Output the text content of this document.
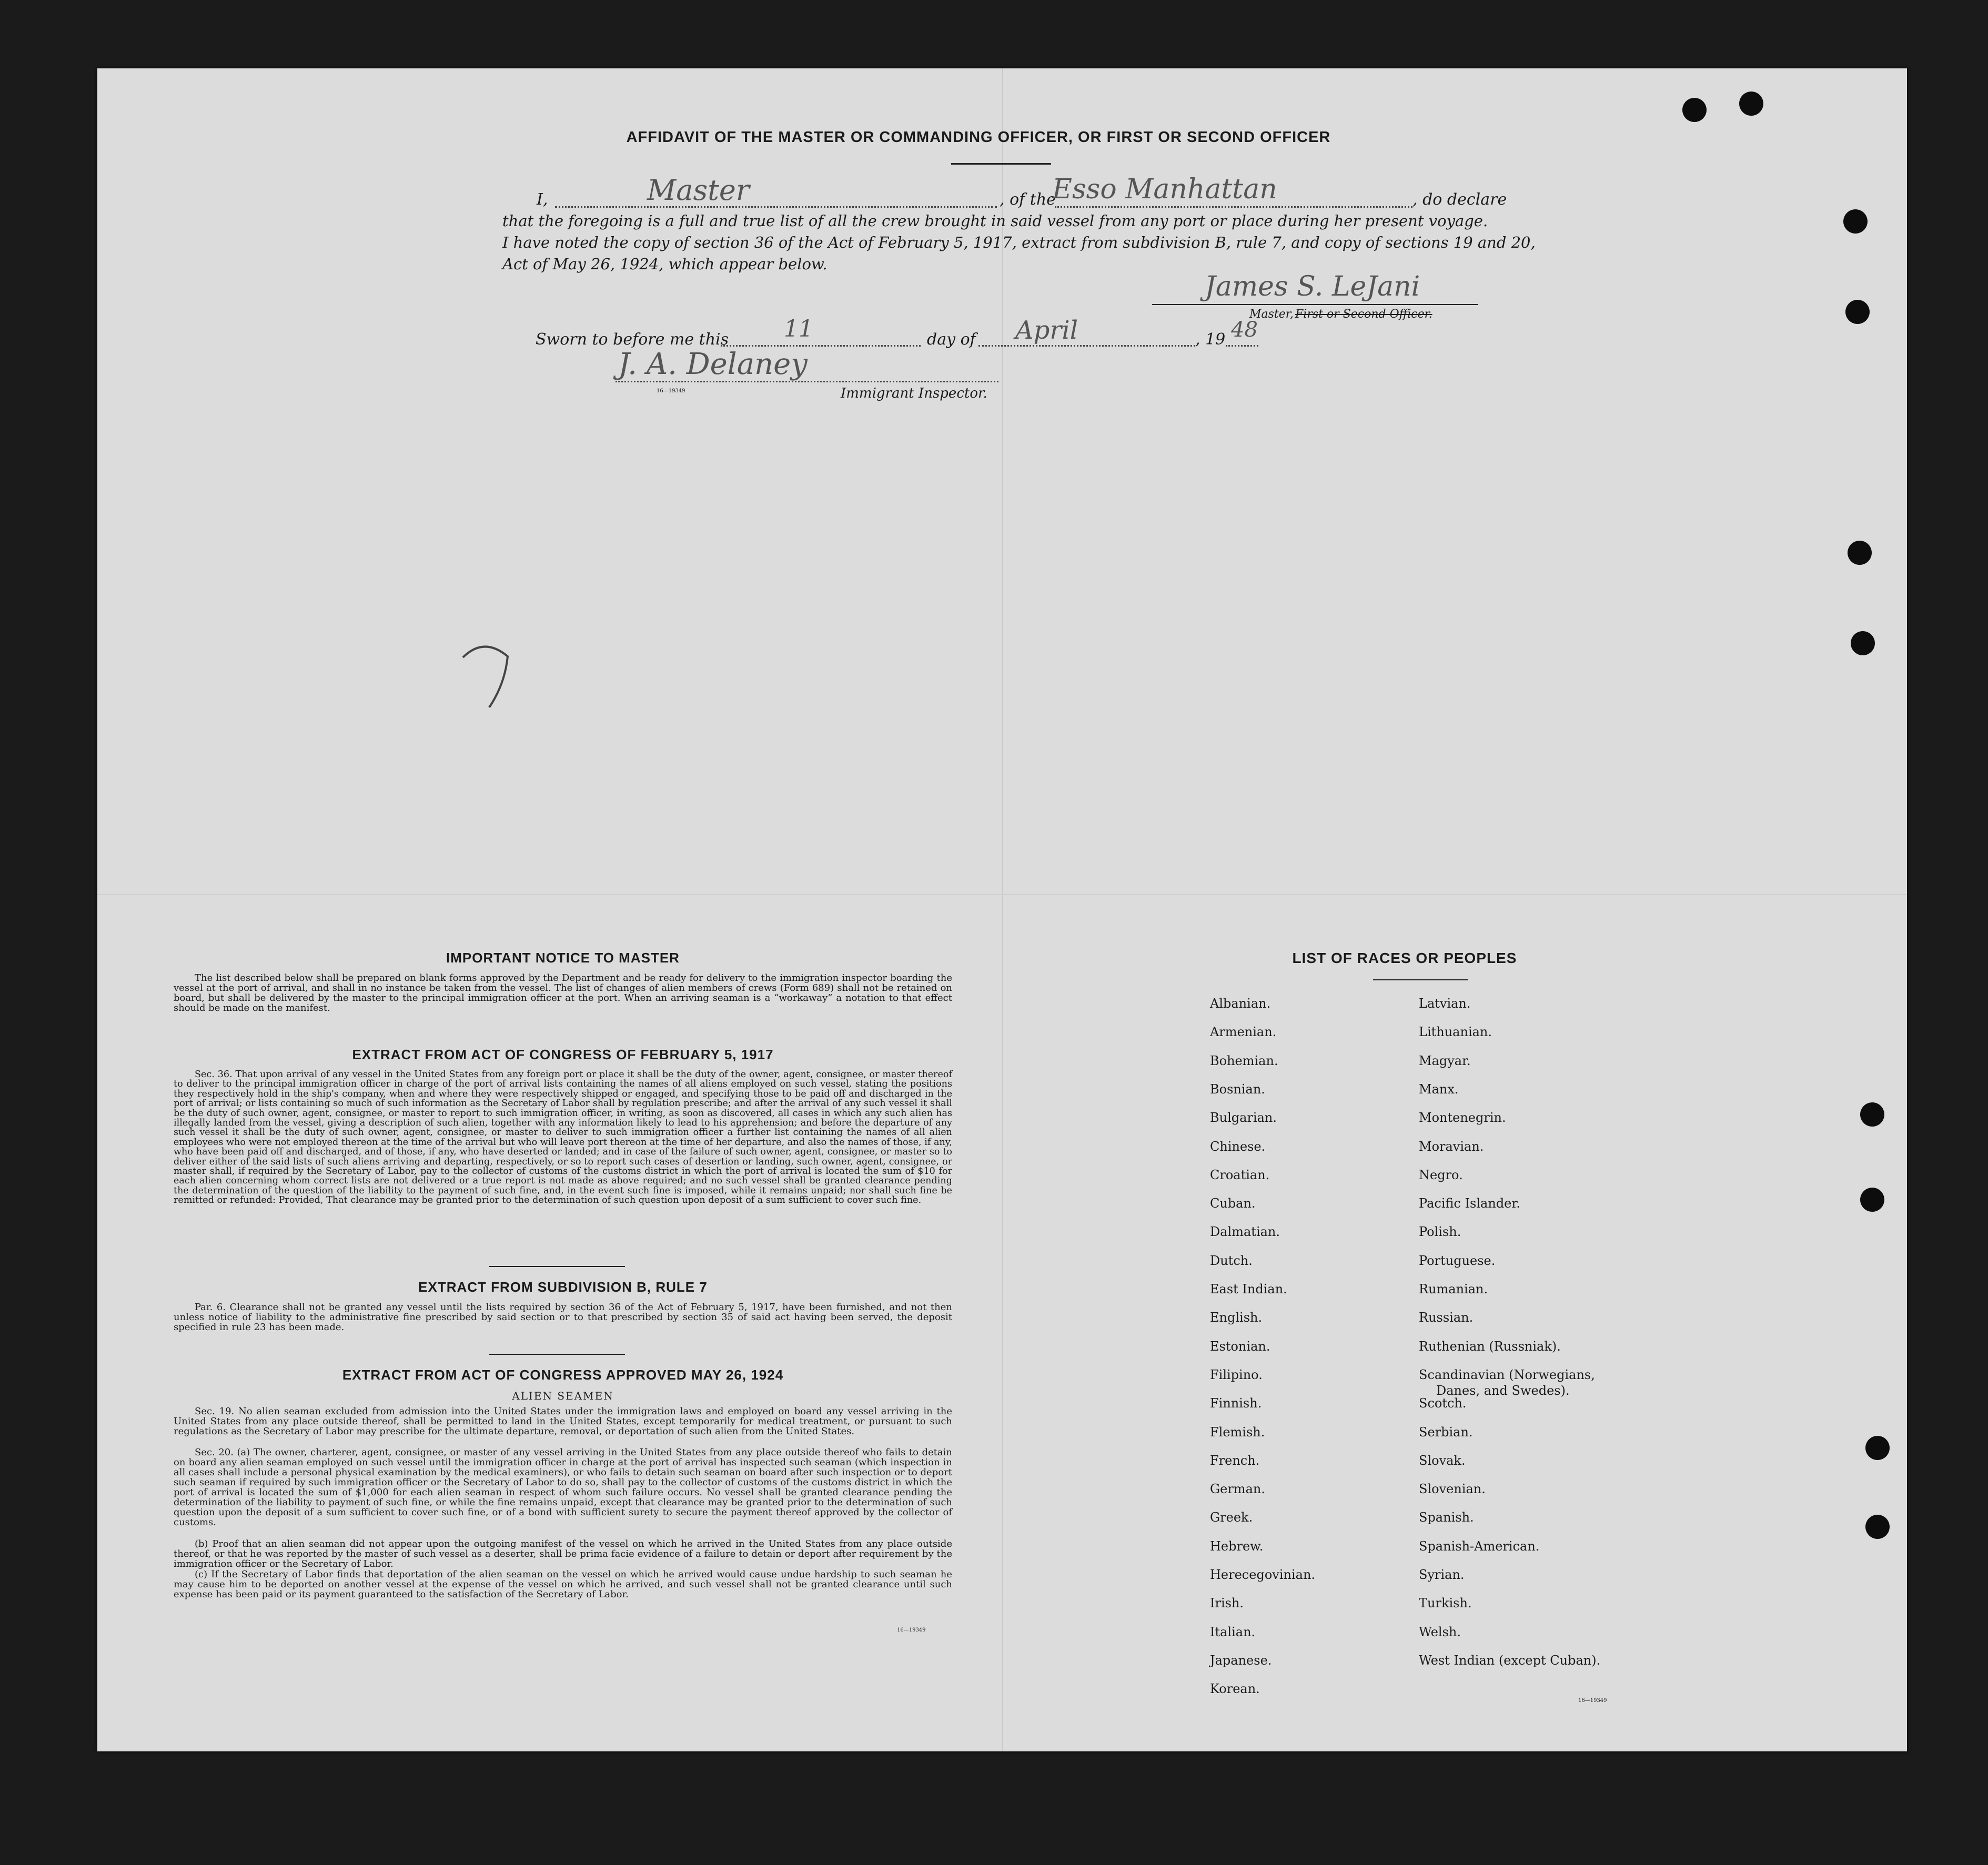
AFFIDAVIT OF THE MASTER OR COMMANDING OFFICER, OR FIRST OR SECOND OFFICER
I,	Master	, of the
Esso Manhattan	, do declare
that the foregoing is a full and true list of all the crew brought in said vessel from any port or place during her present voyage.
I have noted the copy of section 36 of the Act of February 5, 1917, extract from subdivision B, rule 7, and copy of sections 19 and 20,
Act of May 26, 1924, which appear below.
James S. LeJani
Master, First or Second Officer.
Sworn to before me this 11	day of April	, 19 48
J. A. Delaney
16—19349	Immigrant Inspector.
IMPORTANT NOTICE TO MASTER
The list described below shall be prepared on blank forms approved by the Department and be ready for delivery to the immigration inspector boarding the vessel at the port of arrival, and shall in no instance be taken from the vessel. The list of changes of alien members of crews (Form 689) shall not be retained on board, but shall be delivered by the master to the principal immigration officer at the port. When an arriving seaman is a “workaway” a notation to that effect should be made on the manifest.
EXTRACT FROM ACT OF CONGRESS OF FEBRUARY 5, 1917
Sec. 36. That upon arrival of any vessel in the United States from any foreign port or place it shall be the duty of the owner, agent, consignee, or master thereof to deliver to the principal immigration officer in charge of the port of arrival lists containing the names of all aliens employed on such vessel, stating the positions they respectively hold in the ship's company, when and where they were respectively shipped or engaged, and specifying those to be paid off and discharged in the port of arrival; or lists containing so much of such information as the Secretary of Labor shall by regulation prescribe; and after the arrival of any such vessel it shall be the duty of such owner, agent, consignee, or master to report to such immigration officer, in writing, as soon as discovered, all cases in which any such alien has illegally landed from the vessel, giving a description of such alien, together with any information likely to lead to his apprehension; and before the departure of any such vessel it shall be the duty of such owner, agent, consignee, or master to deliver to such immigration officer a further list containing the names of all alien employees who were not employed thereon at the time of the arrival but who will leave port thereon at the time of her departure, and also the names of those, if any, who have been paid off and discharged, and of those, if any, who have deserted or landed; and in case of the failure of such owner, agent, consignee, or master so to deliver either of the said lists of such aliens arriving and departing, respectively, or so to report such cases of desertion or landing, such owner, agent, consignee, or master shall, if required by the Secretary of Labor, pay to the collector of customs of the customs district in which the port of arrival is located the sum of $10 for each alien concerning whom correct lists are not delivered or a true report is not made as above required; and no such vessel shall be granted clearance pending the determination of the question of the liability to the payment of such fine, and, in the event such fine is imposed, while it remains unpaid; nor shall such fine be remitted or refunded: Provided, That clearance may be granted prior to the determination of such question upon deposit of a sum sufficient to cover such fine.
EXTRACT FROM SUBDIVISION B, RULE 7
Par. 6. Clearance shall not be granted any vessel until the lists required by section 36 of the Act of February 5, 1917, have been furnished, and not then unless notice of liability to the administrative fine prescribed by said section or to that prescribed by section 35 of said act having been served, the deposit specified in rule 23 has been made.
EXTRACT FROM ACT OF CONGRESS APPROVED MAY 26, 1924
ALIEN SEAMEN
Sec. 19. No alien seaman excluded from admission into the United States under the immigration laws and employed on board any vessel arriving in the United States from any place outside thereof, shall be permitted to land in the United States, except temporarily for medical treatment, or pursuant to such regulations as the Secretary of Labor may prescribe for the ultimate departure, removal, or deportation of such alien from the United States.
Sec. 20. (a) The owner, charterer, agent, consignee, or master of any vessel arriving in the United States from any place outside thereof who fails to detain on board any alien seaman employed on such vessel until the immigration officer in charge at the port of arrival has inspected such seaman (which inspection in all cases shall include a personal physical examination by the medical examiners), or who fails to detain such seaman on board after such inspection or to deport such seaman if required by such immigration officer or the Secretary of Labor to do so, shall pay to the collector of customs of the customs district in which the port of arrival is located the sum of $1,000 for each alien seaman in respect of whom such failure occurs. No vessel shall be granted clearance pending the determination of the liability to payment of such fine, or while the fine remains unpaid, except that clearance may be granted prior to the determination of such question upon the deposit of a sum sufficient to cover such fine, or of a bond with sufficient surety to secure the payment thereof approved by the collector of customs.
(b) Proof that an alien seaman did not appear upon the outgoing manifest of the vessel on which he arrived in the United States from any place outside thereof, or that he was reported by the master of such vessel as a deserter, shall be prima facie evidence of a failure to detain or deport after requirement by the immigration officer or the Secretary of Labor.
(c) If the Secretary of Labor finds that deportation of the alien seaman on the vessel on which he arrived would cause undue hardship to such seaman he may cause him to be deported on another vessel at the expense of the vessel on which he arrived, and such vessel shall not be granted clearance until such expense has been paid or its payment guaranteed to the satisfaction of the Secretary of Labor.
16—19349
LIST OF RACES OR PEOPLES
Albanian.
Armenian.
Bohemian.
Bosnian.
Bulgarian.
Chinese.
Croatian.
Cuban.
Dalmatian.
Dutch.
East Indian.
English.
Estonian.
Filipino.
Finnish.
Flemish.
French.
German.
Greek.
Hebrew.
Herecegovinian.
Irish.
Italian.
Japanese.
Korean.
Latvian.
Lithuanian.
Magyar.
Manx.
Montenegrin.
Moravian.
Negro.
Pacific Islander.
Polish.
Portuguese.
Rumanian.
Russian.
Ruthenian (Russniak).
Scandinavian (Norwegians,
Danes, and Swedes).
Scotch.
Serbian.
Slovak.
Slovenian.
Spanish.
Spanish-American.
Syrian.
Turkish.
Welsh.
West Indian (except Cuban).
16—19349
